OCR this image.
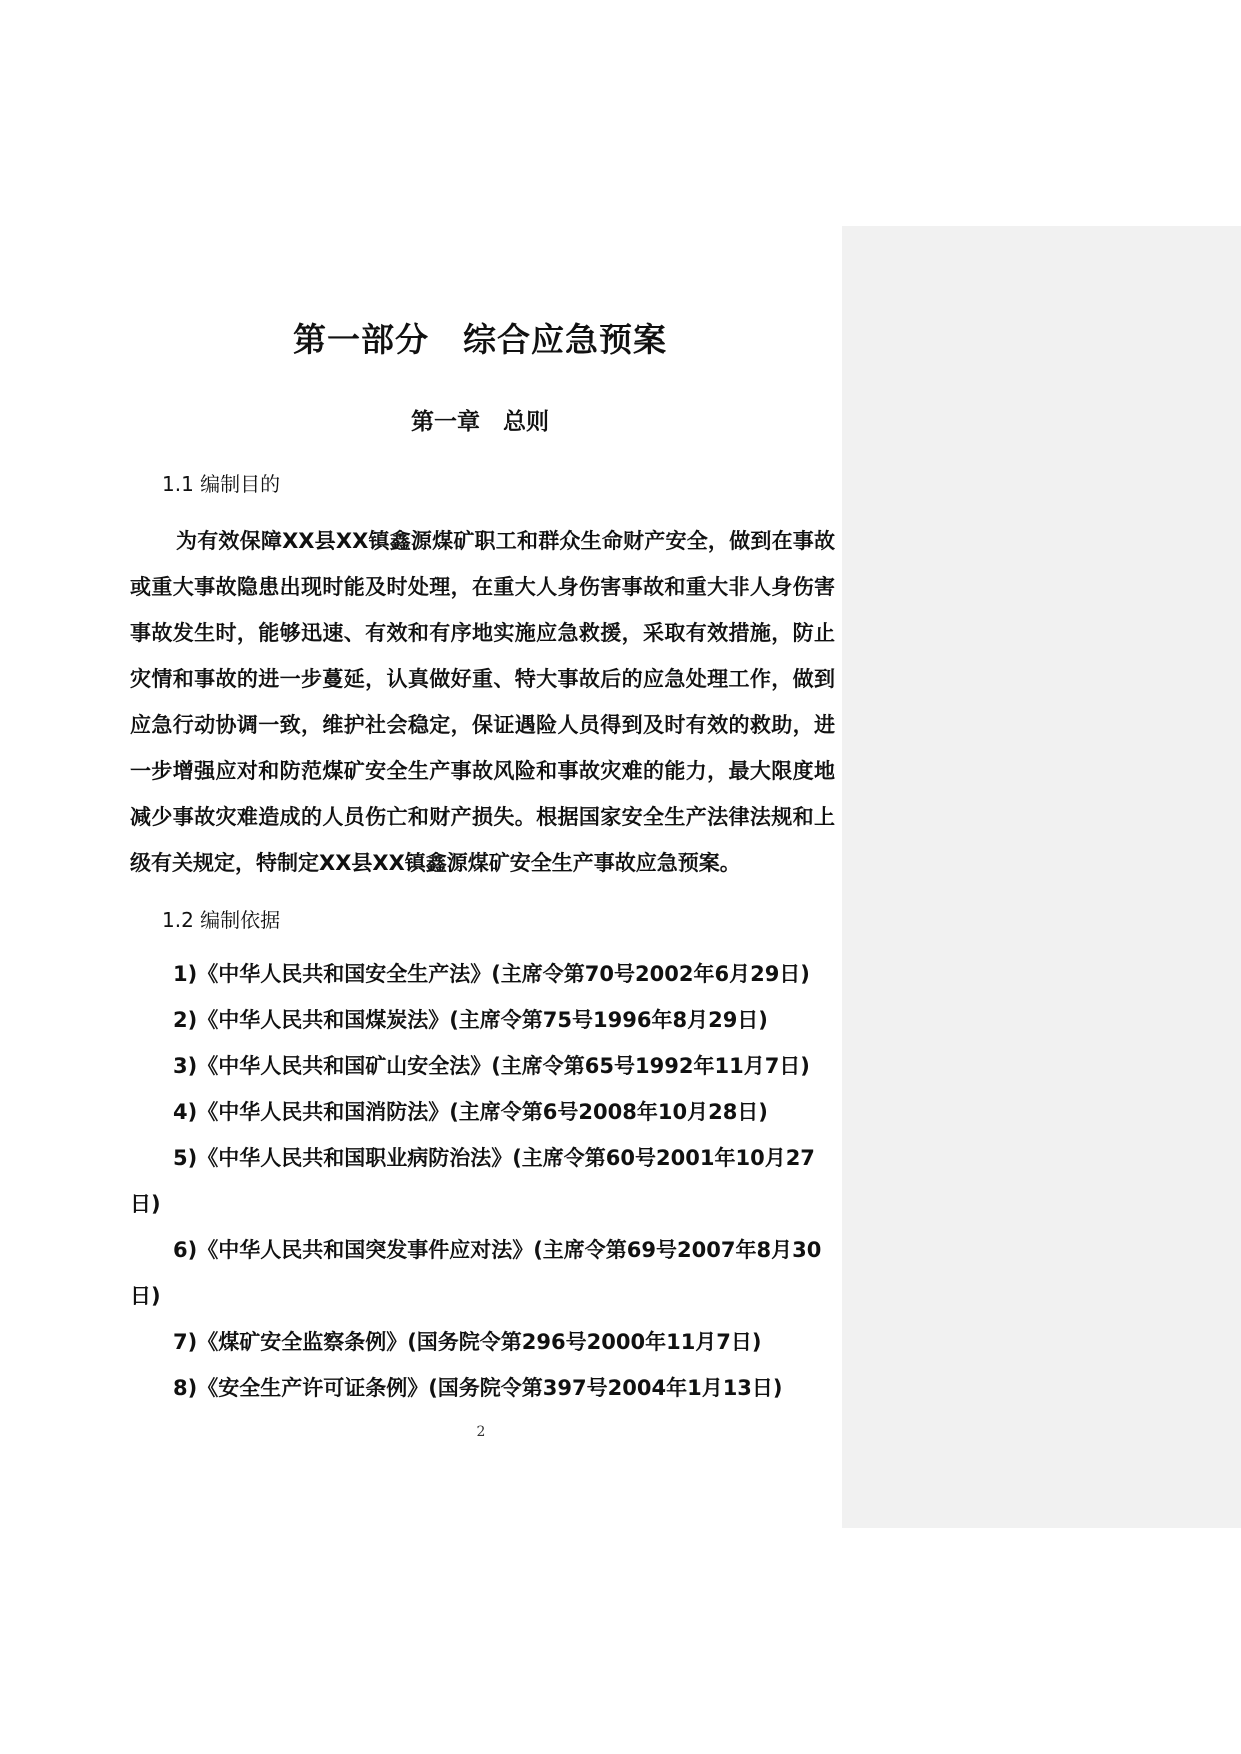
第一部分　综合应急预案
第一章　总则
1.1 编制目的
为有效保障XX县XX镇鑫源煤矿职工和群众生命财产安全，做到在事故或重大事故隐患出现时能及时处理，在重大人身伤害事故和重大非人身伤害事故发生时，能够迅速、有效和有序地实施应急救援，采取有效措施，防止灾情和事故的进一步蔓延，认真做好重、特大事故后的应急处理工作，做到应急行动协调一致，维护社会稳定，保证遇险人员得到及时有效的救助，进一步增强应对和防范煤矿安全生产事故风险和事故灾难的能力，最大限度地减少事故灾难造成的人员伤亡和财产损失。根据国家安全生产法律法规和上级有关规定，特制定XX县XX镇鑫源煤矿安全生产事故应急预案。
1.2 编制依据
1)《中华人民共和国安全生产法》(主席令第70号2002年6月29日)
2)《中华人民共和国煤炭法》(主席令第75号1996年8月29日)
3)《中华人民共和国矿山安全法》(主席令第65号1992年11月7日)
4)《中华人民共和国消防法》(主席令第6号2008年10月28日)
5)《中华人民共和国职业病防治法》(主席令第60号2001年10月27日)
6)《中华人民共和国突发事件应对法》(主席令第69号2007年8月30日)
7)《煤矿安全监察条例》(国务院令第296号2000年11月7日)
8)《安全生产许可证条例》(国务院令第397号2004年1月13日)
2
